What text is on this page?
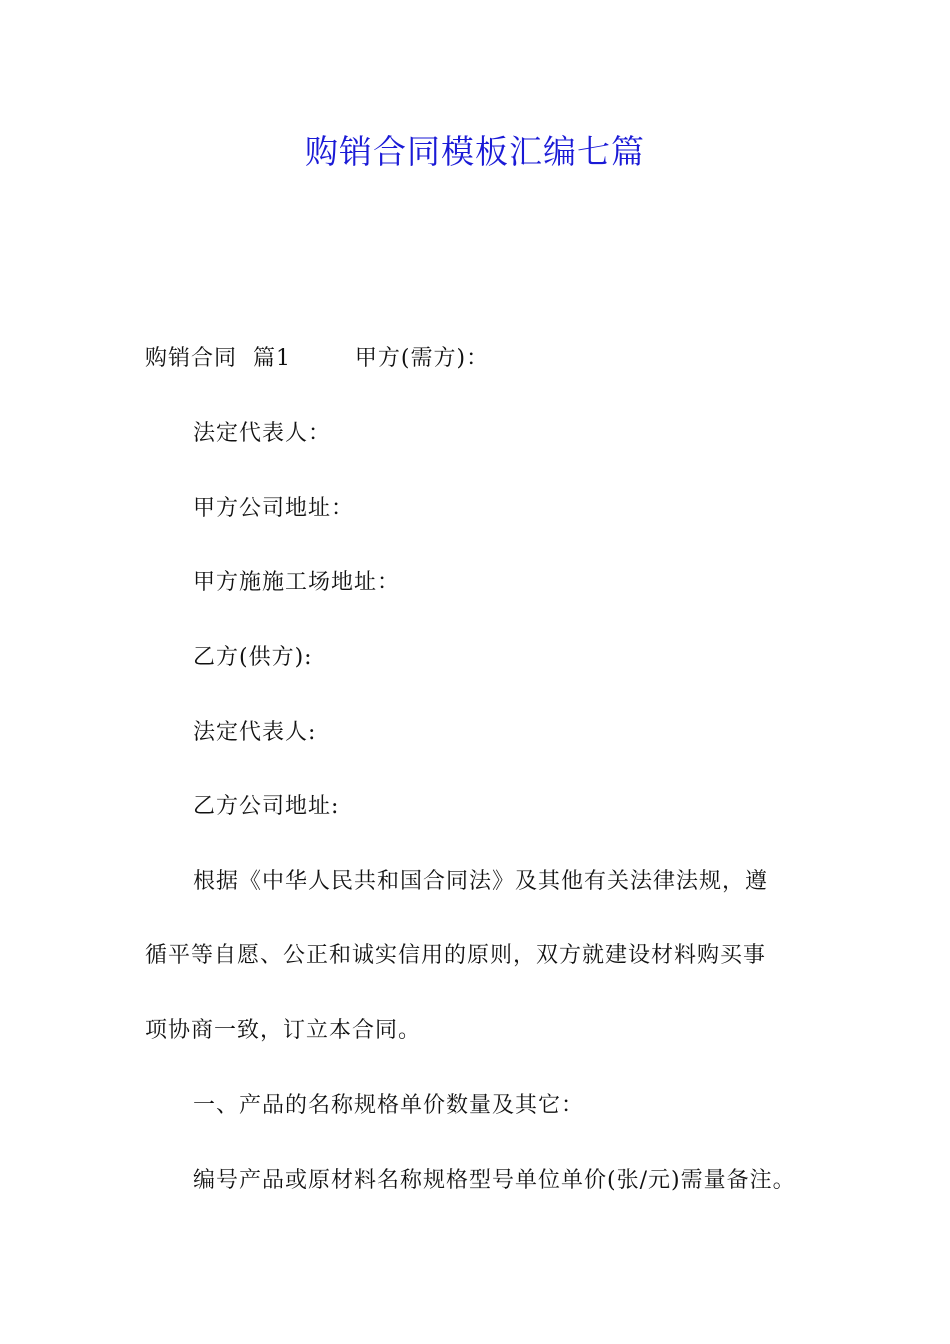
购销合同模板汇编七篇
购销合同  篇1        甲方(需方)：
法定代表人：
甲方公司地址：
甲方施施工场地址：
乙方(供方):
法定代表人:
乙方公司地址:
根据《中华人民共和国合同法》及其他有关法律法规，遵
循平等自愿、公正和诚实信用的原则，双方就建设材料购买事
项协商一致，订立本合同。
一、产品的名称规格单价数量及其它：
编号产品或原材料名称规格型号单位单价(张/元)需量备注。
